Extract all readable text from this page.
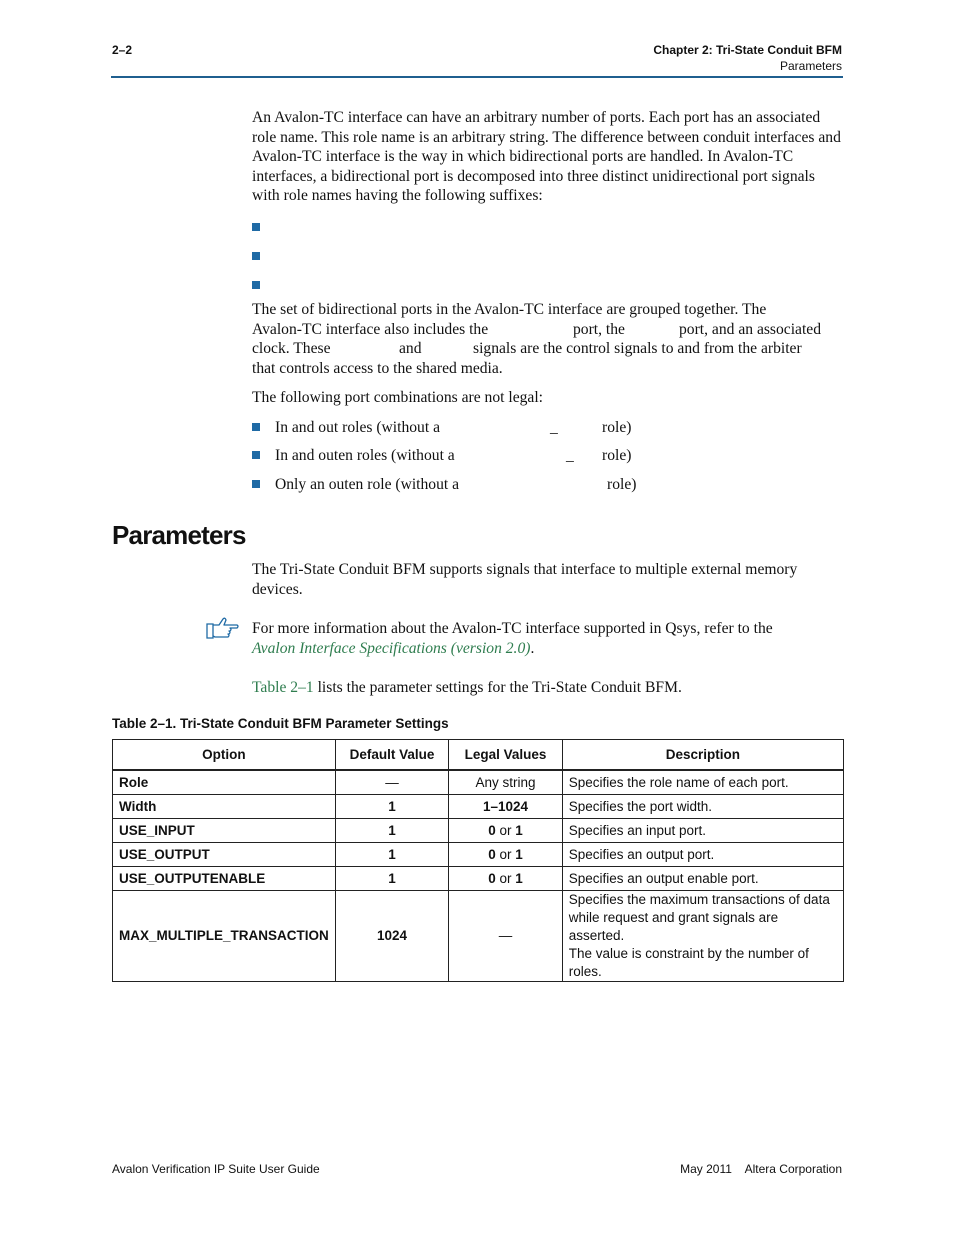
2–2	Chapter 2: Tri-State Conduit BFM
Parameters

An Avalon-TC interface can have an arbitrary number of ports. Each port has an associated role name. This role name is an arbitrary string. The difference between conduit interfaces and Avalon-TC interface is the way in which bidirectional ports are handled. In Avalon-TC interfaces, a bidirectional port is decomposed into three distinct unidirectional port signals with role names having the following suffixes:

The set of bidirectional ports in the Avalon-TC interface are grouped together. The
Avalon-TC interface also includes the	port, the	port, and an associated
clock. These	and	signals are the control signals to and from the arbiter
that controls access to the shared media.
The following port combinations are not legal:
In and out roles (without a	_	role)
In and outen roles (without a	_ role)
Only an outen role (without a	role)
Parameters

The Tri-State Conduit BFM supports signals that interface to multiple external memory devices.

For more information about the Avalon-TC interface supported in Qsys, refer to the
Avalon Interface Specifications (version 2.0).

Table 2–1 lists the parameter settings for the Tri-State Conduit BFM.

Table 2–1. Tri-State Conduit BFM Parameter Settings
Option	Default Value	Legal Values	Description
Role	—	Any string	Specifies the role name of each port.
Width	1	1–1024	Specifies the port width.
USE_INPUT	1	0 or 1	Specifies an input port.
USE_OUTPUT	1	0 or 1	Specifies an output port.
USE_OUTPUTENABLE	1	0 or 1	Specifies an output enable port.
MAX_MULTIPLE_TRANSACTION	1024	—	Specifies the maximum transactions of data
while request and grant signals are asserted.
The value is constraint by the number of roles.
Avalon Verification IP Suite User Guide	May 2011    Altera Corporation
